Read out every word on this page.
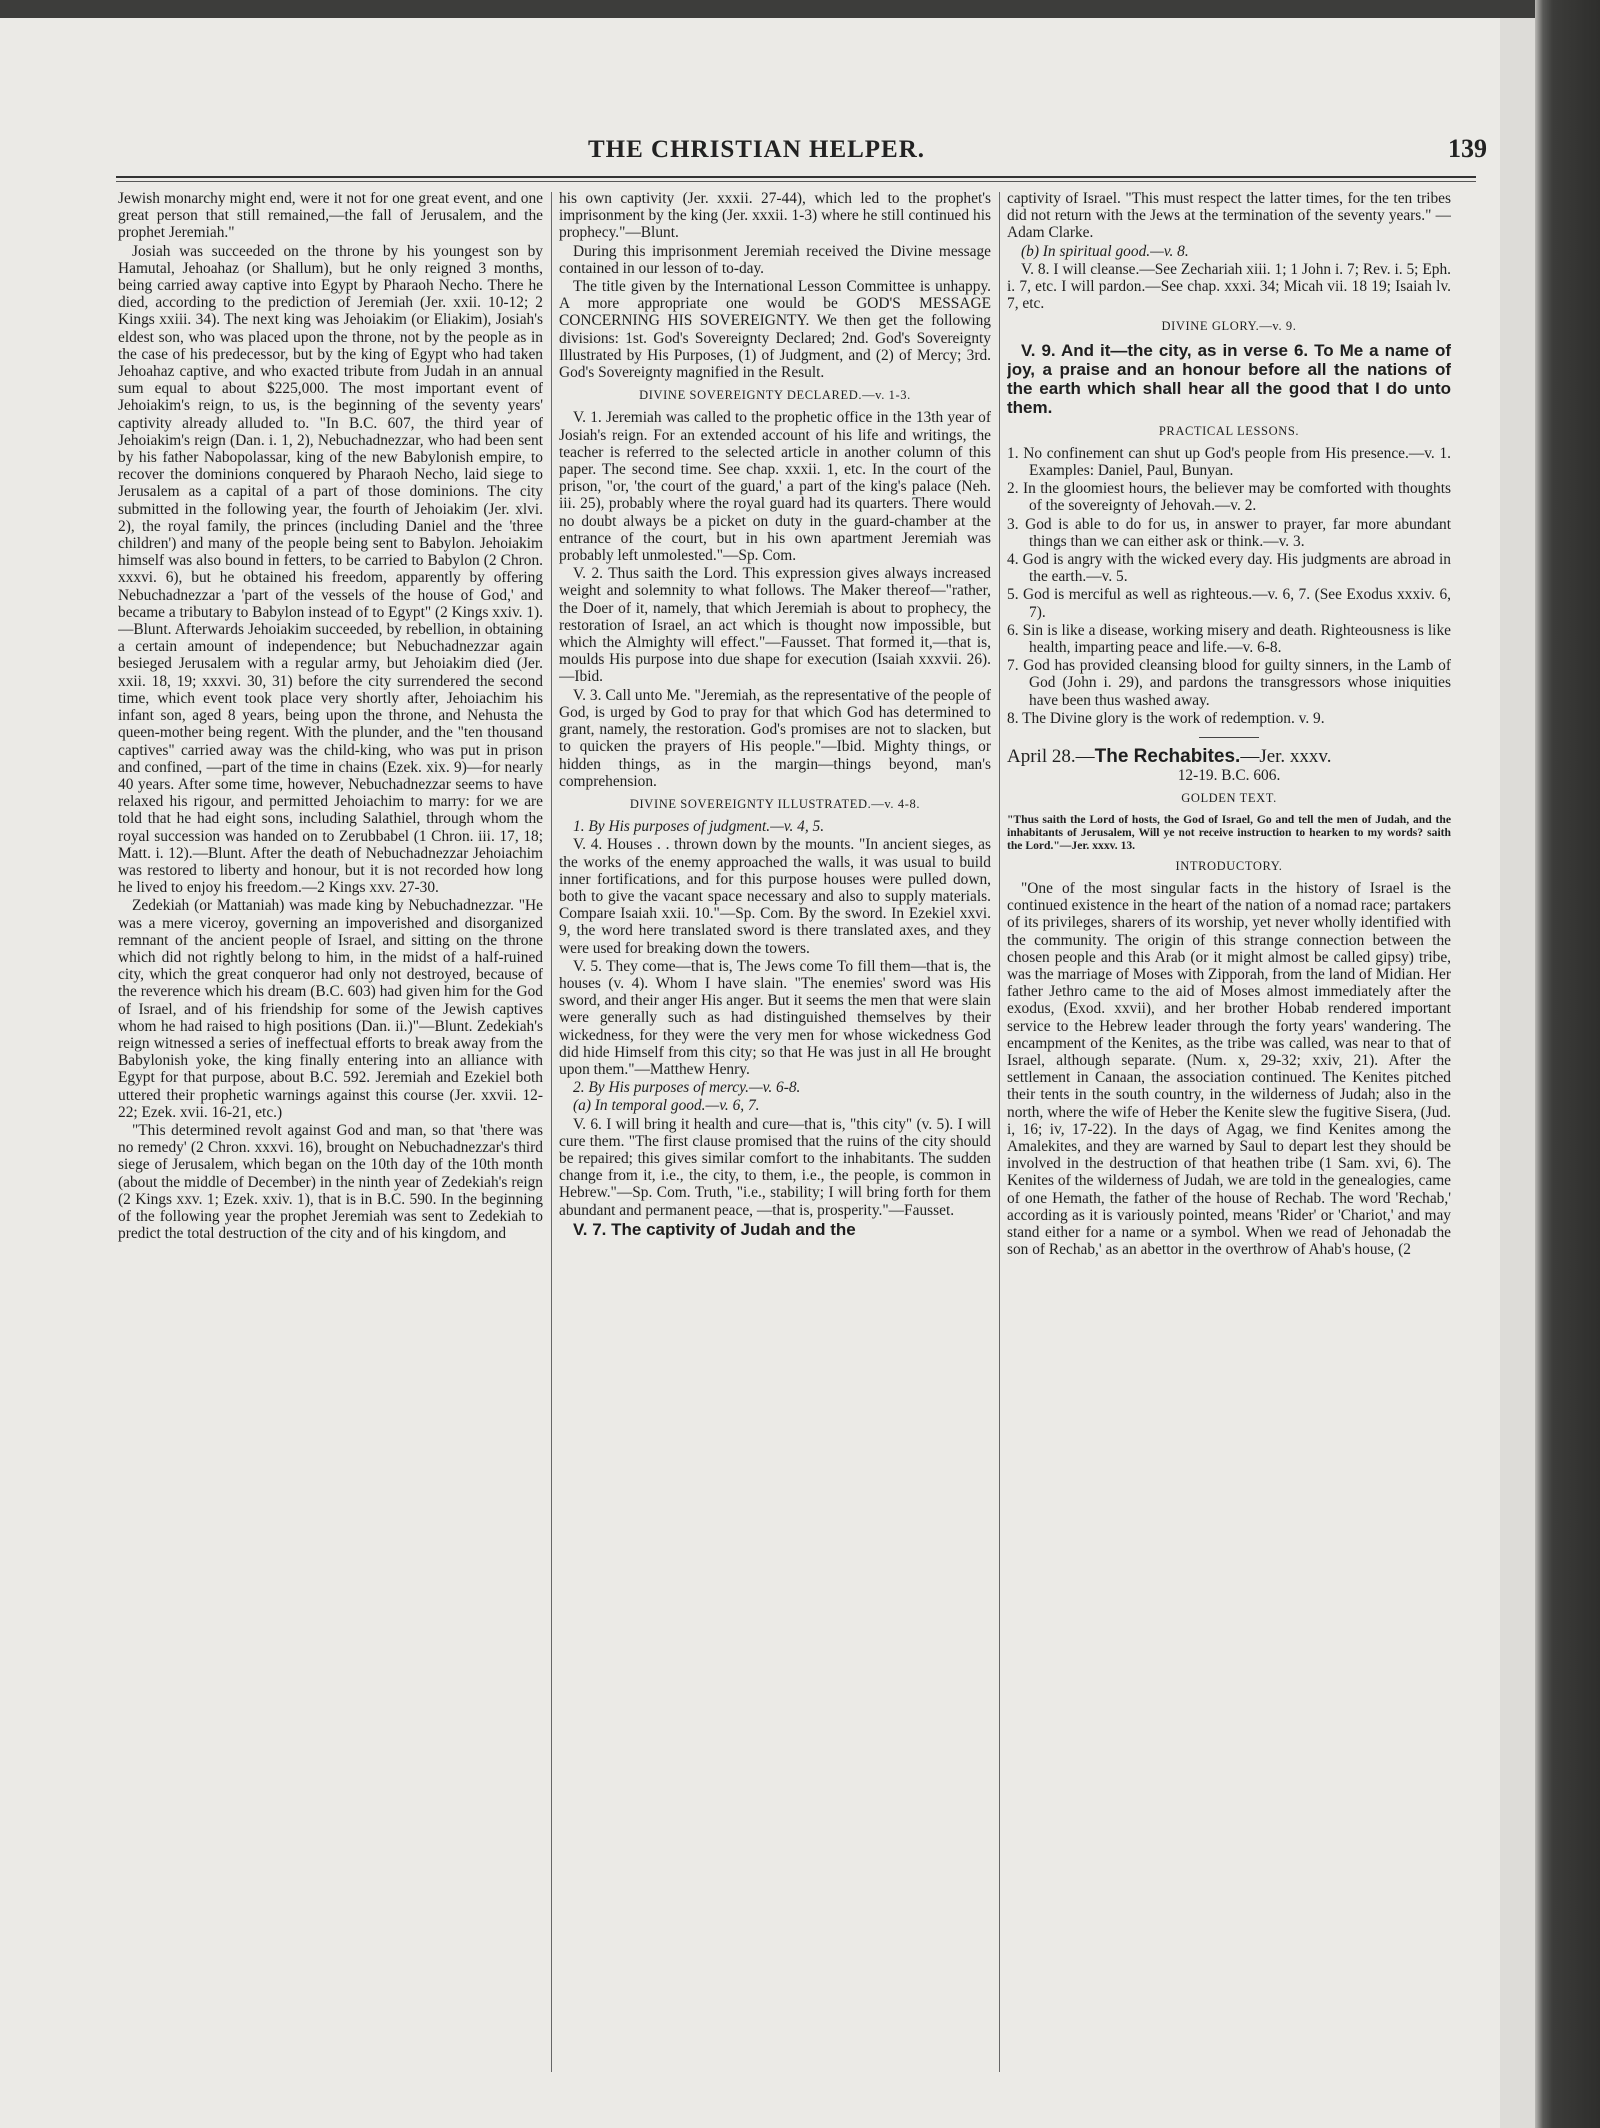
THE CHRISTIAN HELPER.	139

Jewish monarchy might end, were it not for one great event, and one great person that still remained,—the fall of Jerusalem, and the prophet Jeremiah."

Josiah was succeeded on the throne by his youngest son by Hamutal, Jehoahaz (or Shallum), but he only reigned 3 months, being carried away captive into Egypt by Pharaoh Necho. There he died, according to the prediction of Jeremiah (Jer. xxii. 10-12; 2 Kings xxiii. 34). The next king was Jehoiakim (or Eliakim), Josiah's eldest son, who was placed upon the throne, not by the people as in the case of his predecessor, but by the king of Egypt who had taken Jehoahaz captive, and who exacted tribute from Judah in an annual sum equal to about $225,000. The most important event of Jehoiakim's reign, to us, is the beginning of the seventy years' captivity already alluded to. "In B.C. 607, the third year of Jehoiakim's reign (Dan. i. 1, 2), Nebuchadnezzar, who had been sent by his father Nabopolassar, king of the new Babylonish empire, to recover the dominions conquered by Pharaoh Necho, laid siege to Jerusalem as a capital of a part of those dominions. The city submitted in the following year, the fourth of Jehoiakim (Jer. xlvi. 2), the royal family, the princes (including Daniel and the 'three children') and many of the people being sent to Babylon. Jehoiakim himself was also bound in fetters, to be carried to Babylon (2 Chron. xxxvi. 6), but he obtained his freedom, apparently by offering Nebuchadnezzar a 'part of the vessels of the house of God,' and became a tributary to Babylon instead of to Egypt" (2 Kings xxiv. 1).—Blunt. Afterwards Jehoiakim succeeded, by rebellion, in obtaining a certain amount of independence; but Nebuchadnezzar again besieged Jerusalem with a regular army, but Jehoiakim died (Jer. xxii. 18, 19; xxxvi. 30, 31) before the city surrendered the second time, which event took place very shortly after, Jehoiachim his infant son, aged 8 years, being upon the throne, and Nehusta the queen-mother being regent. With the plunder, and the "ten thousand captives" carried away was the child-king, who was put in prison and confined, —part of the time in chains (Ezek. xix. 9)—for nearly 40 years. After some time, however, Nebuchadnezzar seems to have relaxed his rigour, and permitted Jehoiachim to marry: for we are told that he had eight sons, including Salathiel, through whom the royal succession was handed on to Zerubbabel (1 Chron. iii. 17, 18; Matt. i. 12).—Blunt. After the death of Nebuchadnezzar Jehoiachim was restored to liberty and honour, but it is not recorded how long he lived to enjoy his freedom.—2 Kings xxv. 27-30.

Zedekiah (or Mattaniah) was made king by Nebuchadnezzar. "He was a mere viceroy, governing an impoverished and disorganized remnant of the ancient people of Israel, and sitting on the throne which did not rightly belong to him, in the midst of a half-ruined city, which the great conqueror had only not destroyed, because of the reverence which his dream (B.C. 603) had given him for the God of Israel, and of his friendship for some of the Jewish captives whom he had raised to high positions (Dan. ii.)"—Blunt. Zedekiah's reign witnessed a series of ineffectual efforts to break away from the Babylonish yoke, the king finally entering into an alliance with Egypt for that purpose, about B.C. 592. Jeremiah and Ezekiel both uttered their prophetic warnings against this course (Jer. xxvii. 12-22; Ezek. xvii. 16-21, etc.)

"This determined revolt against God and man, so that 'there was no remedy' (2 Chron. xxxvi. 16), brought on Nebuchadnezzar's third siege of Jerusalem, which began on the 10th day of the 10th month (about the middle of December) in the ninth year of Zedekiah's reign (2 Kings xxv. 1; Ezek. xxiv. 1), that is in B.C. 590. In the beginning of the following year the prophet Jeremiah was sent to Zedekiah to predict the total destruction of the city and of his kingdom, and

his own captivity (Jer. xxxii. 27-44), which led to the prophet's imprisonment by the king (Jer. xxxii. 1-3) where he still continued his prophecy."—Blunt.

During this imprisonment Jeremiah received the Divine message contained in our lesson of to-day.

The title given by the International Lesson Committee is unhappy. A more appropriate one would be GOD'S MESSAGE CONCERNING HIS SOVEREIGNTY. We then get the following divisions: 1st. God's Sovereignty Declared; 2nd. God's Sovereignty Illustrated by His Purposes, (1) of Judgment, and (2) of Mercy; 3rd. God's Sovereignty magnified in the Result.

DIVINE SOVEREIGNTY DECLARED.—v. 1-3.

V. 1. Jeremiah was called to the prophetic office in the 13th year of Josiah's reign. For an extended account of his life and writings, the teacher is referred to the selected article in another column of this paper. The second time. See chap. xxxii. 1, etc. In the court of the prison, "or, 'the court of the guard,' a part of the king's palace (Neh. iii. 25), probably where the royal guard had its quarters. There would no doubt always be a picket on duty in the guard-chamber at the entrance of the court, but in his own apartment Jeremiah was probably left unmolested."—Sp. Com.

V. 2. Thus saith the Lord. This expression gives always increased weight and solemnity to what follows. The Maker thereof—"rather, the Doer of it, namely, that which Jeremiah is about to prophecy, the restoration of Israel, an act which is thought now impossible, but which the Almighty will effect."—Fausset. That formed it,—that is, moulds His purpose into due shape for execution (Isaiah xxxvii. 26).—Ibid.

V. 3. Call unto Me. "Jeremiah, as the representative of the people of God, is urged by God to pray for that which God has determined to grant, namely, the restoration. God's promises are not to slacken, but to quicken the prayers of His people."—Ibid. Mighty things, or hidden things, as in the margin—things beyond, man's comprehension.

DIVINE SOVEREIGNTY ILLUSTRATED.—v. 4-8.

1. By His purposes of judgment.—v. 4, 5.

V. 4. Houses . . thrown down by the mounts. "In ancient sieges, as the works of the enemy approached the walls, it was usual to build inner fortifications, and for this purpose houses were pulled down, both to give the vacant space necessary and also to supply materials. Compare Isaiah xxii. 10."—Sp. Com. By the sword. In Ezekiel xxvi. 9, the word here translated sword is there translated axes, and they were used for breaking down the towers.

V. 5. They come—that is, The Jews come To fill them—that is, the houses (v. 4). Whom I have slain. "The enemies' sword was His sword, and their anger His anger. But it seems the men that were slain were generally such as had distinguished themselves by their wickedness, for they were the very men for whose wickedness God did hide Himself from this city; so that He was just in all He brought upon them."—Matthew Henry.

2. By His purposes of mercy.—v. 6-8.

(a) In temporal good.—v. 6, 7.

V. 6. I will bring it health and cure—that is, "this city" (v. 5). I will cure them. "The first clause promised that the ruins of the city should be repaired; this gives similar comfort to the inhabitants. The sudden change from it, i.e., the city, to them, i.e., the people, is common in Hebrew."—Sp. Com. Truth, "i.e., stability; I will bring forth for them abundant and permanent peace, —that is, prosperity."—Fausset.

V. 7. The captivity of Judah and the

captivity of Israel. "This must respect the latter times, for the ten tribes did not return with the Jews at the termination of the seventy years." —Adam Clarke.

(b) In spiritual good.—v. 8.

V. 8. I will cleanse.—See Zechariah xiii. 1; 1 John i. 7; Rev. i. 5; Eph. i. 7, etc. I will pardon.—See chap. xxxi. 34; Micah vii. 18 19; Isaiah lv. 7, etc.

DIVINE GLORY.—v. 9.

V. 9. And it—the city, as in verse 6. To Me a name of joy, a praise and an honour before all the nations of the earth which shall hear all the good that I do unto them.

PRACTICAL LESSONS.

1. No confinement can shut up God's people from His presence.—v. 1. Examples: Daniel, Paul, Bunyan.

2. In the gloomiest hours, the believer may be comforted with thoughts of the sovereignty of Jehovah.—v. 2.

3. God is able to do for us, in answer to prayer, far more abundant things than we can either ask or think.—v. 3.

4. God is angry with the wicked every day. His judgments are abroad in the earth.—v. 5.

5. God is merciful as well as righteous.—v. 6, 7. (See Exodus xxxiv. 6, 7).

6. Sin is like a disease, working misery and death. Righteousness is like health, imparting peace and life.—v. 6-8.

7. God has provided cleansing blood for guilty sinners, in the Lamb of God (John i. 29), and pardons the transgressors whose iniquities have been thus washed away.

8. The Divine glory is the work of redemption. v. 9.

April 28.—The Rechabites.—Jer. xxxv.

12-19. B.C. 606.

GOLDEN TEXT.

"Thus saith the Lord of hosts, the God of Israel, Go and tell the men of Judah, and the inhabitants of Jerusalem, Will ye not receive instruction to hearken to my words? saith the Lord."—Jer. xxxv. 13.

INTRODUCTORY.

"One of the most singular facts in the history of Israel is the continued existence in the heart of the nation of a nomad race; partakers of its privileges, sharers of its worship, yet never wholly identified with the community. The origin of this strange connection between the chosen people and this Arab (or it might almost be called gipsy) tribe, was the marriage of Moses with Zipporah, from the land of Midian. Her father Jethro came to the aid of Moses almost immediately after the exodus, (Exod. xxvii), and her brother Hobab rendered important service to the Hebrew leader through the forty years' wandering. The encampment of the Kenites, as the tribe was called, was near to that of Israel, although separate. (Num. x, 29-32; xxiv, 21). After the settlement in Canaan, the association continued. The Kenites pitched their tents in the south country, in the wilderness of Judah; also in the north, where the wife of Heber the Kenite slew the fugitive Sisera, (Jud. i, 16; iv, 17-22). In the days of Agag, we find Kenites among the Amalekites, and they are warned by Saul to depart lest they should be involved in the destruction of that heathen tribe (1 Sam. xvi, 6). The Kenites of the wilderness of Judah, we are told in the genealogies, came of one Hemath, the father of the house of Rechab. The word 'Rechab,' according as it is variously pointed, means 'Rider' or 'Chariot,' and may stand either for a name or a symbol. When we read of Jehonadab the son of Rechab,' as an abettor in the overthrow of Ahab's house, (2
